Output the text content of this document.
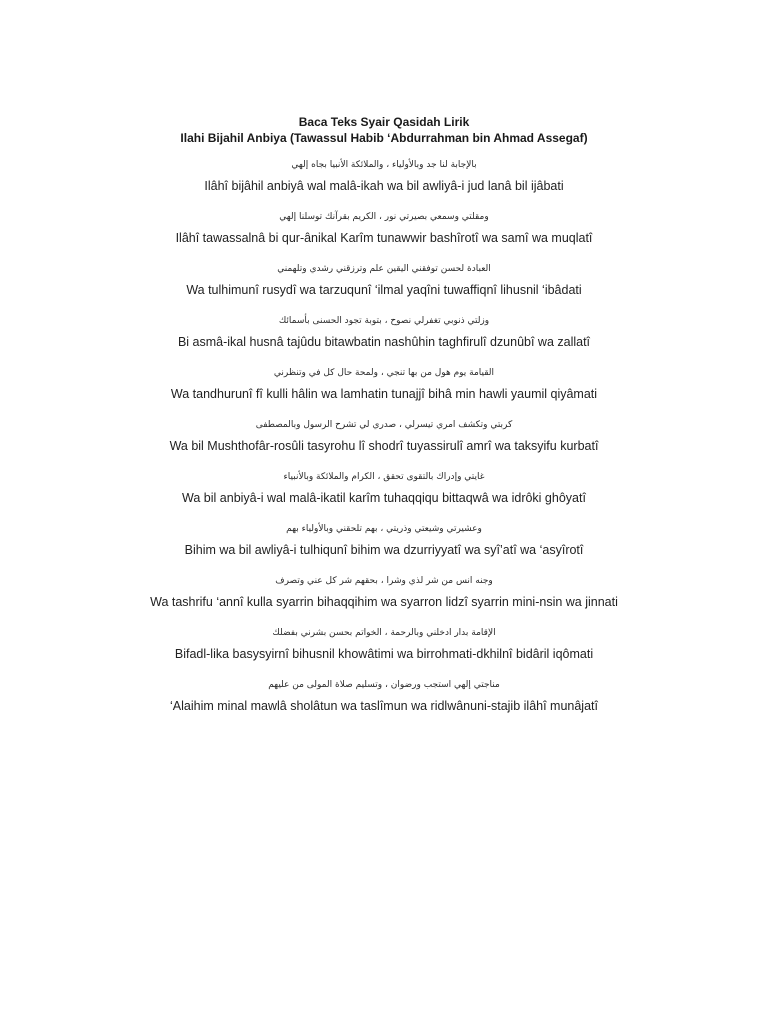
Baca Teks Syair Qasidah Lirik
Ilahi Bijahil Anbiya (Tawassul Habib ‘Abdurrahman bin Ahmad Assegaf)
بالإجابة لنا جد وبالأولياء ، والملائكة الأنبيا بجاه إلهي
Ilâhî bijâhil anbiyâ wal malâ-ikah wa bil awliyâ-i jud lanâ bil ijâbati
ومقلتي وسمعي بصيرتي نور ، الكريم بقرآنك توسلنا إلهي
Ilâhî tawassalnâ bi qur-ânikal Karîm tunawwir bashîrotî wa samî wa muqlatî
العبادة لحسن توفقني اليقين علم وترزقني رشدي وتلهمني
Wa tulhimunî rusydî wa tarzuqunî ‘ilmal yaqîni tuwaffiqnî lihusnil ‘ibâdati
وزلتي ذنوبي تغفرلي نصوح ، بتوبة تجود الحسنى بأسمائك
Bi asmâ-ikal husnâ tajûdu bitawbatin nashûhin taghfirulî dzunûbî wa zallatî
القيامة يوم هول من بها تنجي ، ولمحة حال كل في وتنظرني
Wa tandhurunî fî kulli hâlin wa lamhatin tunajjî bihâ min hawli yaumil qiyâmati
كربتي وتكشف امري تيسرلي ، صدري لي تشرح الرسول وبالمصطفى
Wa bil Mushthofâr-rosûli tasyrohu lî shodrî tuyassirulî amrî wa taksyifu kurbatî
غايتي وإدراك بالتقوى تحقق ، الكرام والملائكة وبالأنبياء
Wa bil anbiyâ-i wal malâ-ikatil karîm tuhaqqiqu bittaqwâ wa idrôki ghôyatî
وعشيرتي وشيعتي وذريتي ، بهم تلحقني وبالأولياء بهم
Bihim wa bil awliyâ-i tulhiqunî bihim wa dzurriyyatî wa syî’atî wa ‘asyîrotî
وجنه انس من شر لذي وشرا ، بحقهم شر كل عني وتصرف
Wa tashrifu ‘annî kulla syarrin bihaqqihim wa syarron lidzî syarrin mini-nsin wa jinnati
الإقامة بدار ادخلني وبالرحمة ، الخواتم بحسن بشرني بفضلك
Bifadl-lika basysyirnî bihusnil khowâtimi wa birrohmati-dkhilnî bidâril iqômati
مناجتي إلهي استجب ورضوان ، وتسليم صلاة المولى من عليهم
‘Alaihim minal mawlâ sholâtun wa taslîmun wa ridlwânuni-stajib ilâhî munâjatî
